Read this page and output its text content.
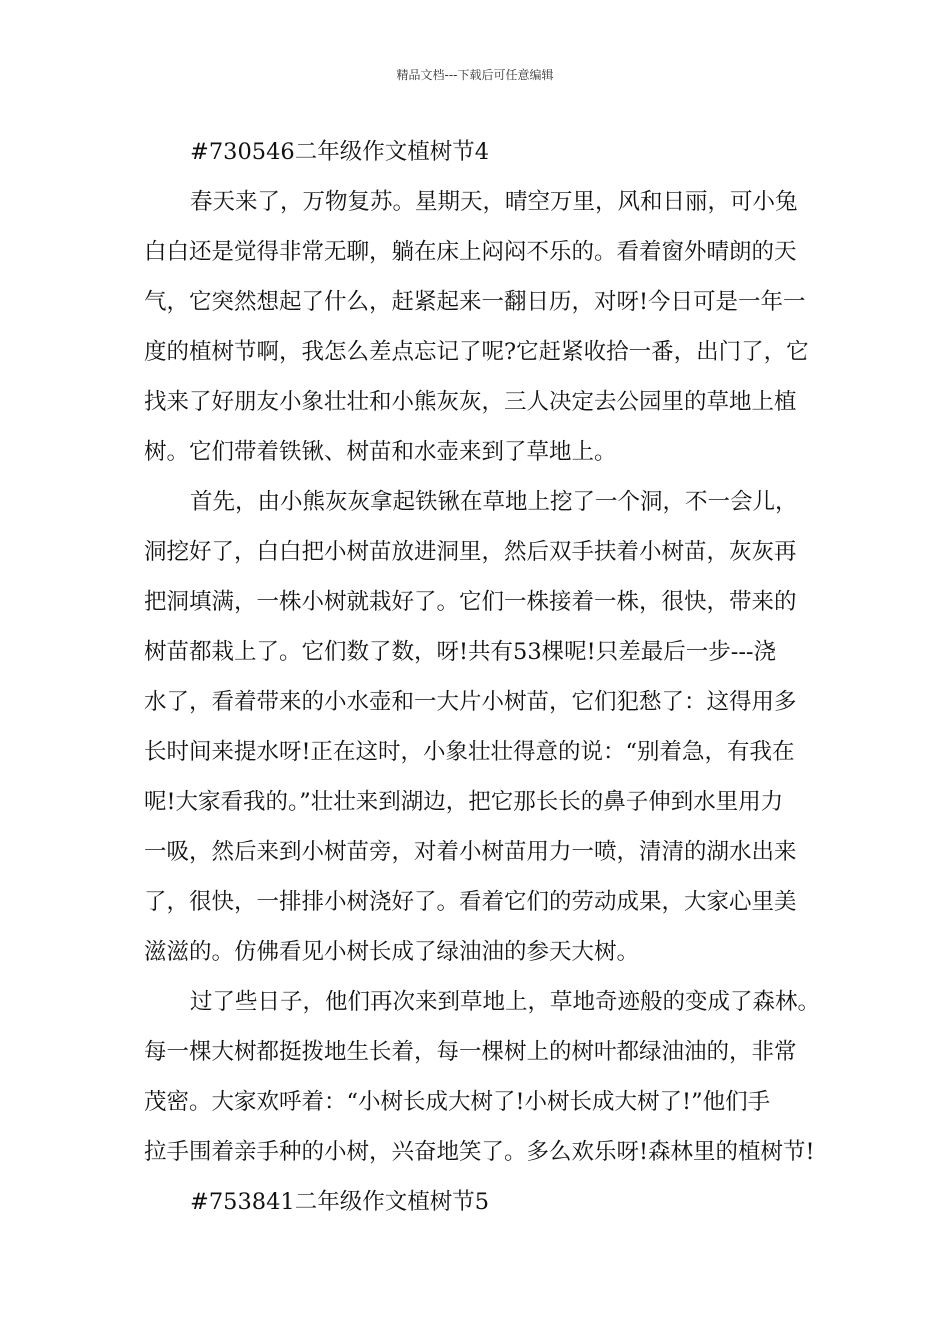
精品文档---下载后可任意编辑
#730546二年级作文植树节4
春天来了，万物复苏。星期天，晴空万里，风和日丽，可小兔
白白还是觉得非常无聊，躺在床上闷闷不乐的。看着窗外晴朗的天
气，它突然想起了什么，赶紧起来一翻日历，对呀!今日可是一年一
度的植树节啊，我怎么差点忘记了呢?它赶紧收拾一番，出门了，它
找来了好朋友小象壮壮和小熊灰灰，三人决定去公园里的草地上植
树。它们带着铁锹、树苗和水壶来到了草地上。
首先，由小熊灰灰拿起铁锹在草地上挖了一个洞，不一会儿，
洞挖好了，白白把小树苗放进洞里，然后双手扶着小树苗，灰灰再
把洞填满，一株小树就栽好了。它们一株接着一株，很快，带来的
树苗都栽上了。它们数了数，呀!共有53棵呢!只差最后一步---浇
水了，看着带来的小水壶和一大片小树苗，它们犯愁了：这得用多
长时间来提水呀!正在这时，小象壮壮得意的说：“别着急，有我在
呢!大家看我的。”壮壮来到湖边，把它那长长的鼻子伸到水里用力
一吸，然后来到小树苗旁，对着小树苗用力一喷，清清的湖水出来
了，很快，一排排小树浇好了。看着它们的劳动成果，大家心里美
滋滋的。仿佛看见小树长成了绿油油的参天大树。
过了些日子，他们再次来到草地上，草地奇迹般的变成了森林。
每一棵大树都挺拨地生长着，每一棵树上的树叶都绿油油的，非常
茂密。大家欢呼着：“小树长成大树了!小树长成大树了!”他们手
拉手围着亲手种的小树，兴奋地笑了。多么欢乐呀!森林里的植树节!
#753841二年级作文植树节5
